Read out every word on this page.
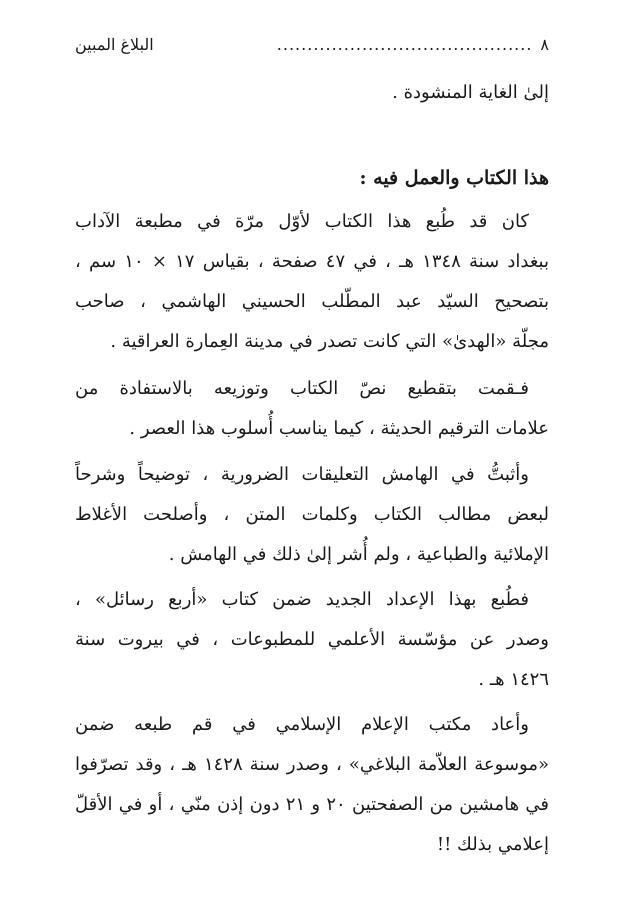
٨
..........................................
البلاغ المبين

إلىٰ الغاية المنشودة .

هذا الكتاب والعمل فيه :

كان قد طُبع هذا الكتاب لأوّل مرّة في مطبعة الآداب

ببغداد سنة ١٣٤٨ هـ ، في ٤٧ صفحة ، بقياس ١٧ × ١٠ سم ،

بتصحيح السيّد عبد المطّلب الحسيني الهاشمي ، صاحب

مجلّة «الهدىٰ» التي كانت تصدر في مدينة العِمارة العراقية .

فـقمت بتقطيع نصّ الكتاب وتوزيعه بالاستفادة من

علامات الترقيم الحديثة ، كيما يناسب أُسلوب هذا العصر .

وأثبتُّ في الهامش التعليقات الضرورية ، توضيحاً وشرحاً

لبعض مطالب الكتاب وكلمات المتن ، وأصلحت الأغلاط

الإملائية والطباعية ، ولم أُشر إلىٰ ذلك في الهامش .

فطُبع بهذا الإعداد الجديد ضمن كتاب «أربع رسائل» ،

وصدر عن مؤسّسة الأعلمي للمطبوعات ، في بيروت سنة

١٤٢٦ هـ .

وأعاد مكتب الإعلام الإسلامي في قم طبعه ضمن

«موسوعة العلاّمة البلاغي» ، وصدر سنة ١٤٢٨ هـ ، وقد تصرّفوا

في هامشين من الصفحتين ٢٠ و ٢١ دون إذن منّي ، أو في الأقلّ

إعلامي بذلك !!
